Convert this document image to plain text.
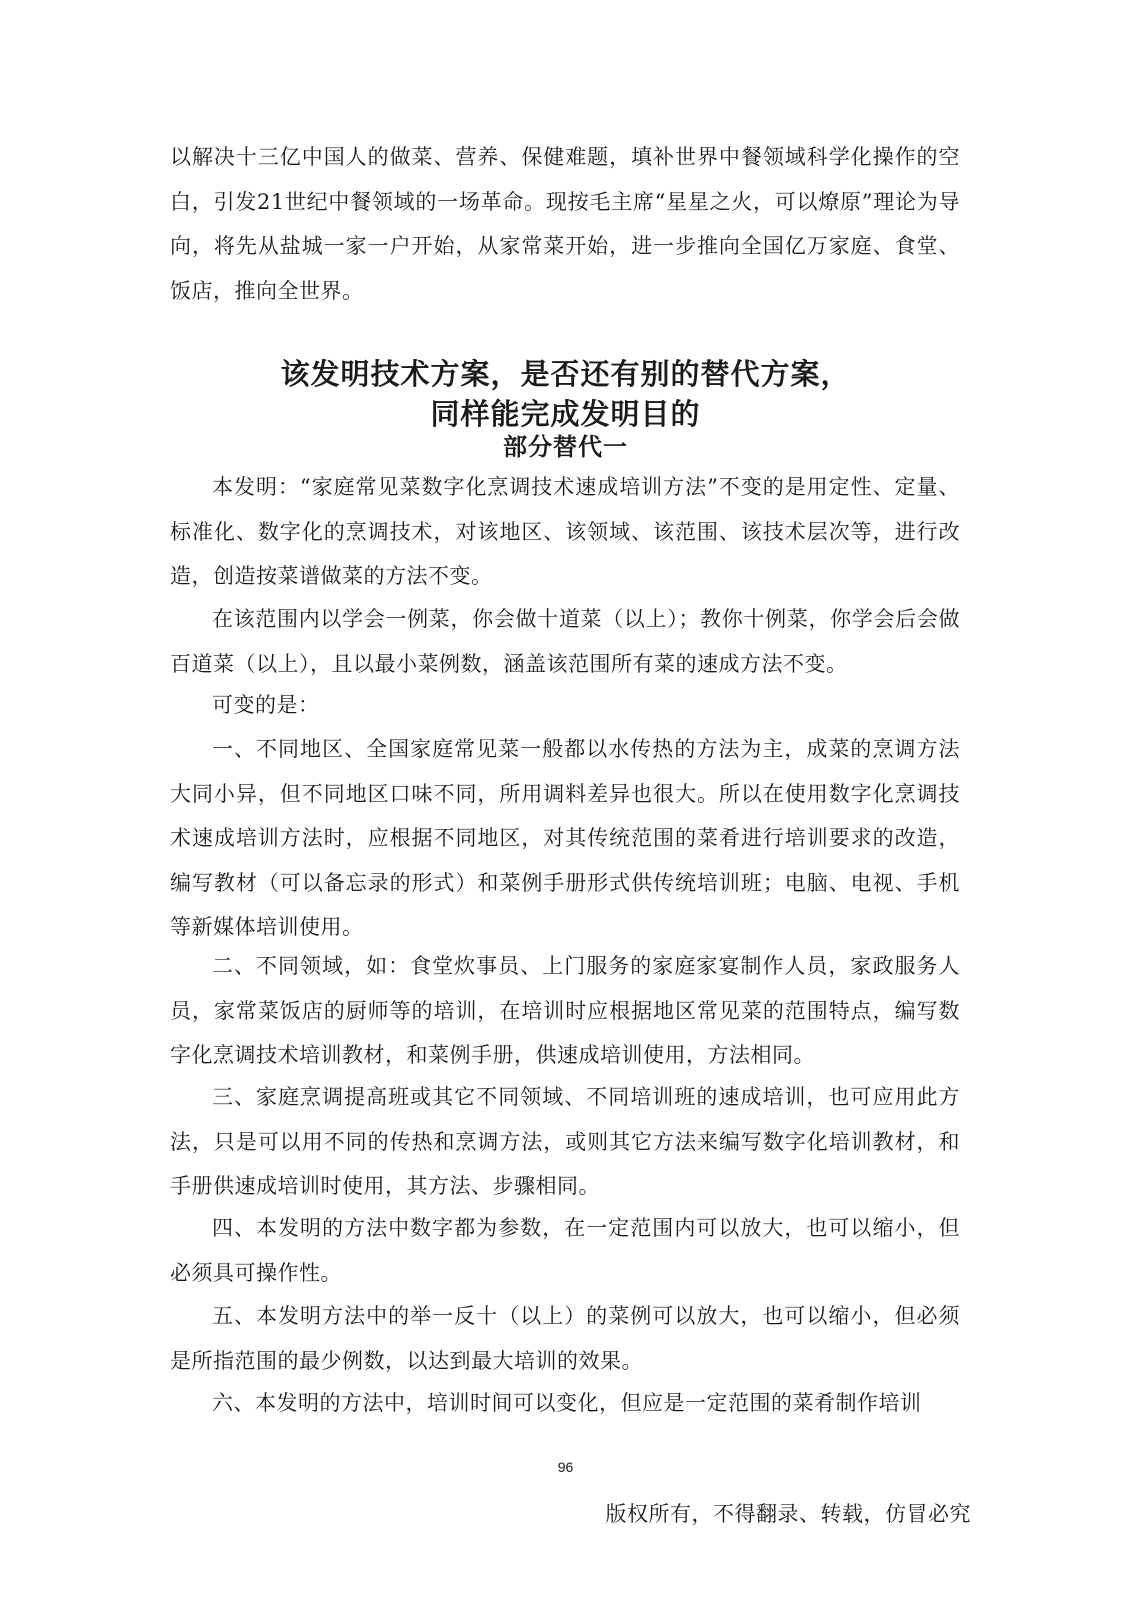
以解决十三亿中国人的做菜、营养、保健难题，填补世界中餐领域科学化操作的空白，引发21世纪中餐领域的一场革命。现按毛主席“星星之火，可以燎原”理论为导向，将先从盐城一家一户开始，从家常菜开始，进一步推向全国亿万家庭、食堂、饭店，推向全世界。

该发明技术方案，是否还有别的替代方案，
同样能完成发明目的
部分替代一

本发明：“家庭常见菜数字化烹调技术速成培训方法”不变的是用定性、定量、标准化、数字化的烹调技术，对该地区、该领域、该范围、该技术层次等，进行改造，创造按菜谱做菜的方法不变。

在该范围内以学会一例菜，你会做十道菜（以上）；教你十例菜，你学会后会做百道菜（以上），且以最小菜例数，涵盖该范围所有菜的速成方法不变。

可变的是：

一、不同地区、全国家庭常见菜一般都以水传热的方法为主，成菜的烹调方法大同小异，但不同地区口味不同，所用调料差异也很大。所以在使用数字化烹调技术速成培训方法时，应根据不同地区，对其传统范围的菜肴进行培训要求的改造，编写教材（可以备忘录的形式）和菜例手册形式供传统培训班；电脑、电视、手机等新媒体培训使用。

二、不同领域，如：食堂炊事员、上门服务的家庭家宴制作人员，家政服务人员，家常菜饭店的厨师等的培训，在培训时应根据地区常见菜的范围特点，编写数字化烹调技术培训教材，和菜例手册，供速成培训使用，方法相同。

三、家庭烹调提高班或其它不同领域、不同培训班的速成培训，也可应用此方法，只是可以用不同的传热和烹调方法，或则其它方法来编写数字化培训教材，和手册供速成培训时使用，其方法、步骤相同。

四、本发明的方法中数字都为参数，在一定范围内可以放大，也可以缩小，但必须具可操作性。

五、本发明方法中的举一反十（以上）的菜例可以放大，也可以缩小，但必须是所指范围的最少例数，以达到最大培训的效果。

六、本发明的方法中，培训时间可以变化，但应是一定范围的菜肴制作培训

96
版权所有，不得翻录、转载，仿冒必究
